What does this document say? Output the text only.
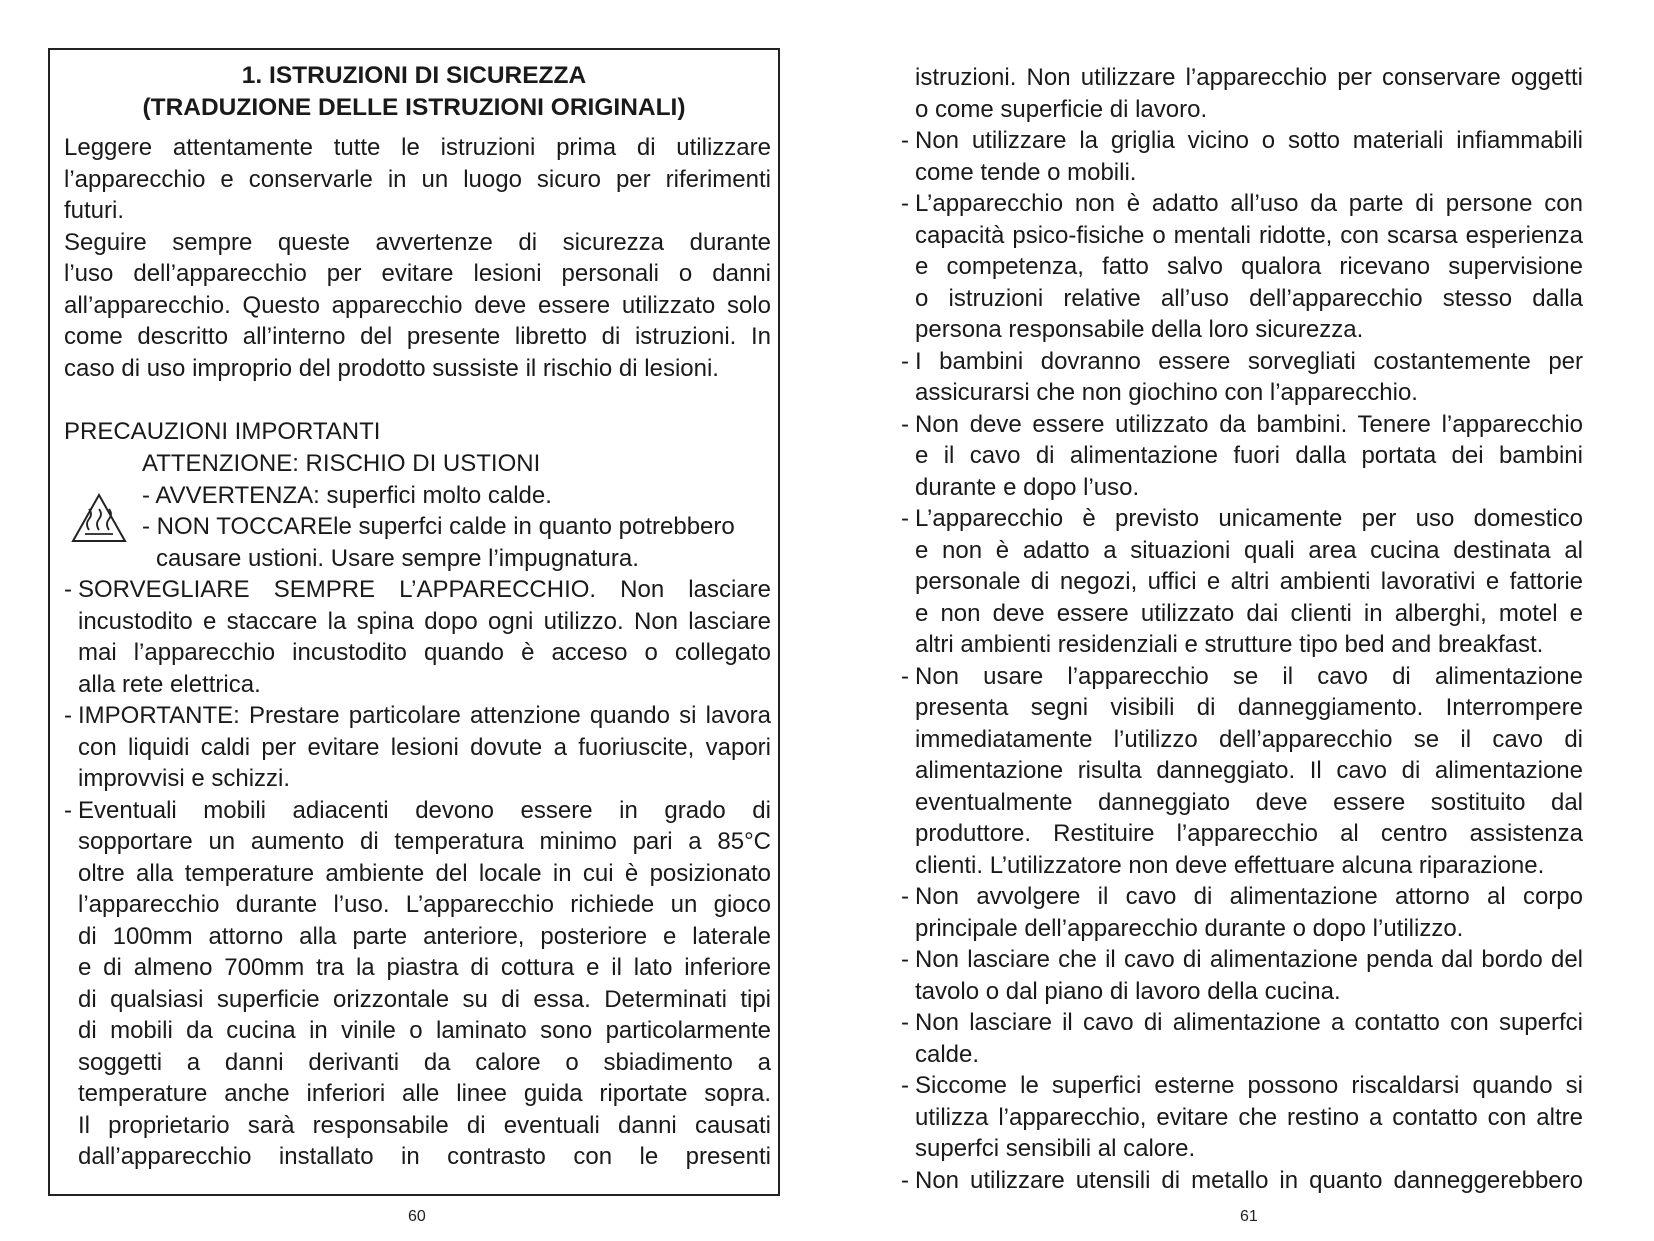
1. ISTRUZIONI DI SICUREZZA
(TRADUZIONE DELLE ISTRUZIONI ORIGINALI)
Leggere attentamente tutte le istruzioni prima di utilizzare
l’apparecchio e conservarle in un luogo sicuro per riferimenti
futuri.
Seguire sempre queste avvertenze di sicurezza durante
l’uso dell’apparecchio per evitare lesioni personali o danni
all’apparecchio. Questo apparecchio deve essere utilizzato solo
come descritto all’interno del presente libretto di istruzioni. In
caso di uso improprio del prodotto sussiste il rischio di lesioni.
PRECAUZIONI IMPORTANTI
ATTENZIONE: RISCHIO DI USTIONI
- AVVERTENZA: superfici molto calde.
- NON TOCCAREle superfci calde in quanto potrebbero
causare ustioni. Usare sempre l’impugnatura.
- SORVEGLIARE SEMPRE L’APPARECCHIO. Non lasciare
incustodito e staccare la spina dopo ogni utilizzo. Non lasciare
mai l’apparecchio incustodito quando è acceso o collegato
alla rete elettrica.
- IMPORTANTE: Prestare particolare attenzione quando si lavora
con liquidi caldi per evitare lesioni dovute a fuoriuscite, vapori
improvvisi e schizzi.
- Eventuali mobili adiacenti devono essere in grado di
sopportare un aumento di temperatura minimo pari a 85°C
oltre alla temperature ambiente del locale in cui è posizionato
l’apparecchio durante l’uso. L’apparecchio richiede un gioco
di 100mm attorno alla parte anteriore, posteriore e laterale
e di almeno 700mm tra la piastra di cottura e il lato inferiore
di qualsiasi superficie orizzontale su di essa. Determinati tipi
di mobili da cucina in vinile o laminato sono particolarmente
soggetti a danni derivanti da calore o sbiadimento a
temperature anche inferiori alle linee guida riportate sopra.
Il proprietario sarà responsabile di eventuali danni causati
dall’apparecchio installato in contrasto con le presenti
60
istruzioni. Non utilizzare l’apparecchio per conservare oggetti
o come superficie di lavoro.
- Non utilizzare la griglia vicino o sotto materiali infiammabili
come tende o mobili.
- L’apparecchio non è adatto all’uso da parte di persone con
capacità psico-fisiche o mentali ridotte, con scarsa esperienza
e competenza, fatto salvo qualora ricevano supervisione
o istruzioni relative all’uso dell’apparecchio stesso dalla
persona responsabile della loro sicurezza.
- I bambini dovranno essere sorvegliati costantemente per
assicurarsi che non giochino con l’apparecchio.
- Non deve essere utilizzato da bambini. Tenere l’apparecchio
e il cavo di alimentazione fuori dalla portata dei bambini
durante e dopo l’uso.
- L’apparecchio è previsto unicamente per uso domestico
e non è adatto a situazioni quali area cucina destinata al
personale di negozi, uffici e altri ambienti lavorativi e fattorie
e non deve essere utilizzato dai clienti in alberghi, motel e
altri ambienti residenziali e strutture tipo bed and breakfast.
- Non usare l’apparecchio se il cavo di alimentazione
presenta segni visibili di danneggiamento. Interrompere
immediatamente l’utilizzo dell’apparecchio se il cavo di
alimentazione risulta danneggiato. Il cavo di alimentazione
eventualmente danneggiato deve essere sostituito dal
produttore. Restituire l’apparecchio al centro assistenza
clienti. L’utilizzatore non deve effettuare alcuna riparazione.
- Non avvolgere il cavo di alimentazione attorno al corpo
principale dell’apparecchio durante o dopo l’utilizzo.
- Non lasciare che il cavo di alimentazione penda dal bordo del
tavolo o dal piano di lavoro della cucina.
- Non lasciare il cavo di alimentazione a contatto con superfci
calde.
- Siccome le superfici esterne possono riscaldarsi quando si
utilizza l’apparecchio, evitare che restino a contatto con altre
superfci sensibili al calore.
- Non utilizzare utensili di metallo in quanto danneggerebbero
61
